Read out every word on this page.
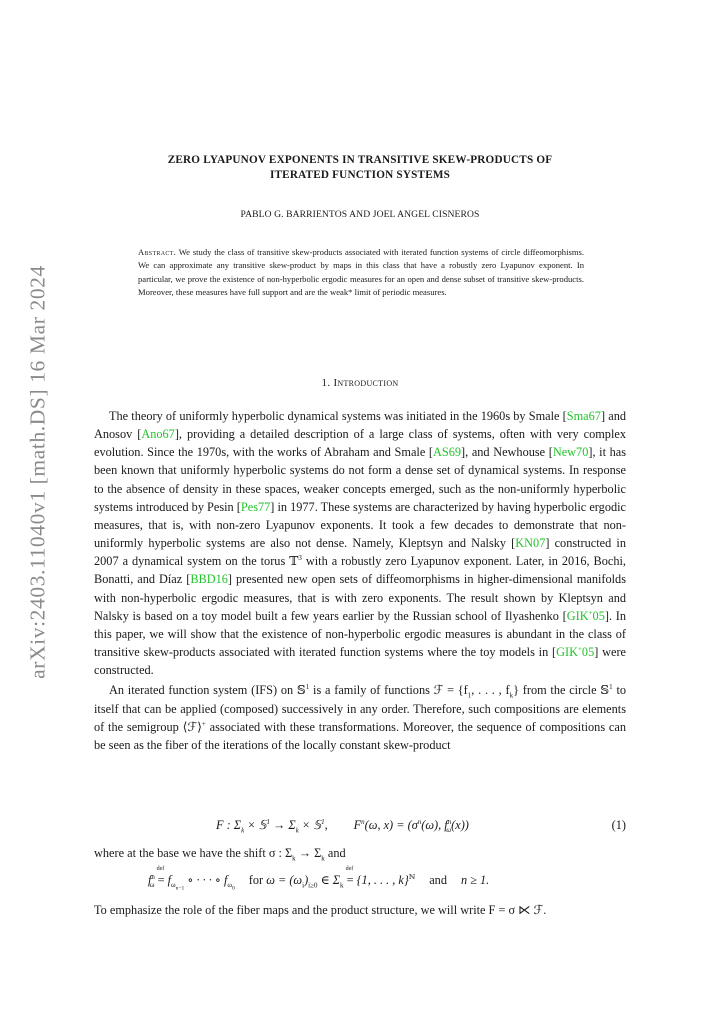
arXiv:2403.11040v1 [math.DS] 16 Mar 2024
ZERO LYAPUNOV EXPONENTS IN TRANSITIVE SKEW-PRODUCTS OF
ITERATED FUNCTION SYSTEMS
PABLO G. BARRIENTOS AND JOEL ANGEL CISNEROS
Abstract. We study the class of transitive skew-products associated with iterated function systems of circle diffeomorphisms. We can approximate any transitive skew-product by maps in this class that have a robustly zero Lyapunov exponent. In particular, we prove the existence of non-hyperbolic ergodic measures for an open and dense subset of transitive skew-products. Moreover, these measures have full support and are the weak* limit of periodic measures.
1. Introduction

The theory of uniformly hyperbolic dynamical systems was initiated in the 1960s by Smale [Sma67] and Anosov [Ano67], providing a detailed description of a large class of systems, often with very complex evolution. Since the 1970s, with the works of Abraham and Smale [AS69], and Newhouse [New70], it has been known that uniformly hyperbolic systems do not form a dense set of dynamical systems. In response to the absence of density in these spaces, weaker concepts emerged, such as the non-uniformly hyperbolic systems introduced by Pesin [Pes77] in 1977. These systems are characterized by having hyperbolic ergodic measures, that is, with non-zero Lyapunov exponents. It took a few decades to demonstrate that non-uniformly hyperbolic systems are also not dense. Namely, Kleptsyn and Nalsky [KN07] constructed in 2007 a dynamical system on the torus 𝕋$^3$ with a robustly zero Lyapunov exponent. Later, in 2016, Bochi, Bonatti, and Díaz [BBD16] presented new open sets of diffeomorphisms in higher-dimensional manifolds with non-hyperbolic ergodic measures, that is with zero exponents. The result shown by Kleptsyn and Nalsky is based on a toy model built a few years earlier by the Russian school of Ilyashenko [GIK+05]. In this paper, we will show that the existence of non-hyperbolic ergodic measures is abundant in the class of transitive skew-products associated with iterated function systems where the toy models in [GIK+05] were constructed.

An iterated function system (IFS) on 𝕊$^1$ is a family of functions ℱ = {$f_1$, . . . , $f_k$} from the circle 𝕊$^1$ to itself that can be applied (composed) successively in any order. Therefore, such compositions are elements of the semigroup ⟨ℱ⟩+ associated with these transformations. Moreover, the sequence of compositions can be seen as the fiber of the iterations of the locally constant skew-product

F : $\Sigma_k$ × 𝕊$^1$ → $\Sigma_k$ × 𝕊$^1$, $F^n(\omega$, $x) = (\sigma^n(\omega)$, $f^n_\omega(x)$)	(1)
where at the base we have the shift σ : $\Sigma_k \to \Sigma_k$ and
$f^n_\omega$
def
= $f_{\omega_{n-1}}$ ∘ · · · ∘ $f_{\omega_0}for$ $\omega = (\omega_i)_{i\ge 0}$ ∈ $\Sigma_k$
def
= {1, . . . , k}$^ℕ$ and n ≥ 1.
To emphasize the role of the fiber maps and the product structure, we will write F = σ ⋉ ℱ.
